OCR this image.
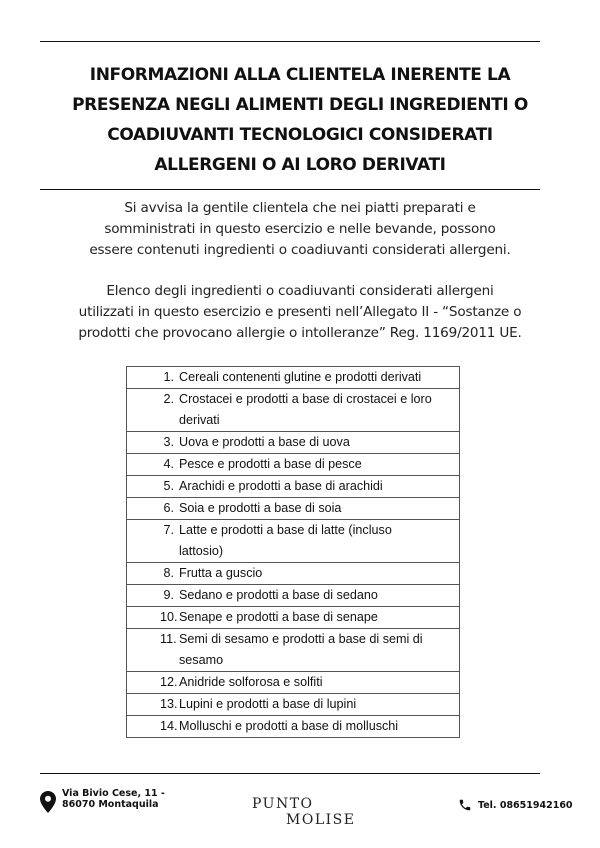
INFORMAZIONI ALLA CLIENTELA INERENTE LA
PRESENZA NEGLI ALIMENTI DEGLI INGREDIENTI O
COADIUVANTI TECNOLOGICI CONSIDERATI
ALLERGENI O AI LORO DERIVATI
Si avvisa la gentile clientela che nei piatti preparati e
somministrati in questo esercizio e nelle bevande, possono
essere contenuti ingredienti o coadiuvanti considerati allergeni.
Elenco degli ingredienti o coadiuvanti considerati allergeni
utilizzati in questo esercizio e presenti nell’Allegato II - “Sostanze o
prodotti che provocano allergie o intolleranze” Reg. 1169/2011 UE.
1. Cereali contenenti glutine e prodotti derivati
2. Crostacei e prodotti a base di crostacei e loro
derivati

3. Uova e prodotti a base di uova
4. Pesce e prodotti a base di pesce
5. Arachidi e prodotti a base di arachidi
6. Soia e prodotti a base di soia
7. Latte e prodotti a base di latte (incluso
lattosio)

8. Frutta a guscio
9. Sedano e prodotti a base di sedano
10.Senape e prodotti a base di senape
11. Semi di sesamo e prodotti a base di semi di
sesamo

12.Anidride solforosa e solfiti
13.Lupini e prodotti a base di lupini
14.Molluschi e prodotti a base di molluschi
Via Bivio Cese, 11 -
86070 Montaquila	PUNTO
MOLISE
Tel. 08651942160
